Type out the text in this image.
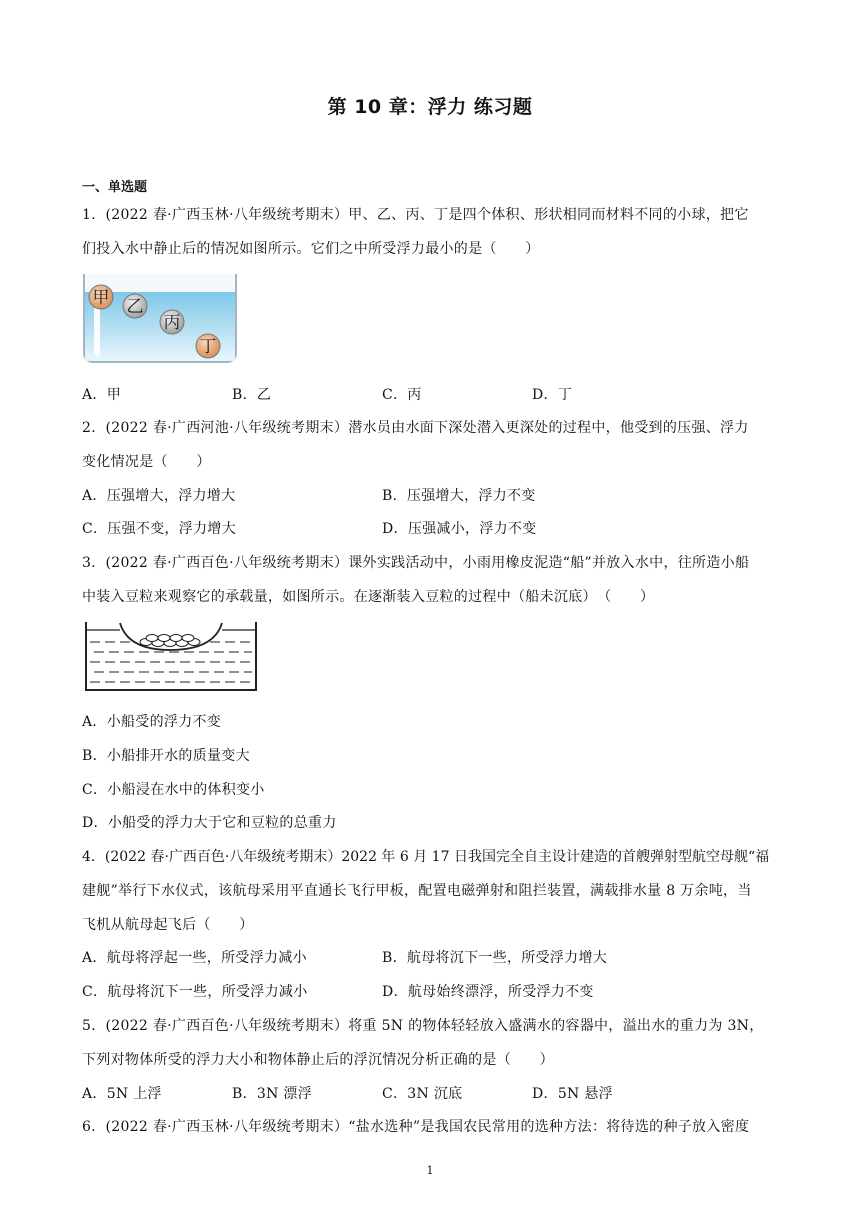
第 10 章：浮力 练习题
一、单选题
1．(2022 春·广西玉林·八年级统考期末）甲、乙、丙、丁是四个体积、形状相同而材料不同的小球，把它
们投入水中静止后的情况如图所示。它们之中所受浮力最小的是（　　）
甲 乙
丙
丁
A．甲	B．乙	C．丙	D．丁
2．(2022 春·广西河池·八年级统考期末）潜水员由水面下深处潜入更深处的过程中，他受到的压强、浮力
变化情况是（　　）
A．压强增大，浮力增大	B．压强增大，浮力不变
C．压强不变，浮力增大	D．压强减小，浮力不变
3．(2022 春·广西百色·八年级统考期末）课外实践活动中，小雨用橡皮泥造“船”并放入水中，往所造小船
中装入豆粒来观察它的承载量，如图所示。在逐渐装入豆粒的过程中（船未沉底）　（　　）
A．小船受的浮力不变
B．小船排开水的质量变大
C．小船浸在水中的体积变小
D．小船受的浮力大于它和豆粒的总重力
4．(2022 春·广西百色·八年级统考期末）2022 年 6 月 17 日我国完全自主设计建造的首艘弹射型航空母舰“福
建舰”举行下水仪式，该航母采用平直通长飞行甲板，配置电磁弹射和阻拦装置，满载排水量 8 万余吨，当
飞机从航母起飞后（　　）
A．航母将浮起一些，所受浮力减小	B．航母将沉下一些，所受浮力增大
C．航母将沉下一些，所受浮力减小	D．航母始终漂浮，所受浮力不变
5．(2022 春·广西百色·八年级统考期末）将重 5N 的物体轻轻放入盛满水的容器中，溢出水的重力为 3N，
下列对物体所受的浮力大小和物体静止后的浮沉情况分析正确的是（　　）
A．5N 上浮	B．3N 漂浮	C．3N 沉底	D．5N 悬浮
6．(2022 春·广西玉林·八年级统考期末）“盐水选种”是我国农民常用的选种方法：将待选的种子放入密度
1
